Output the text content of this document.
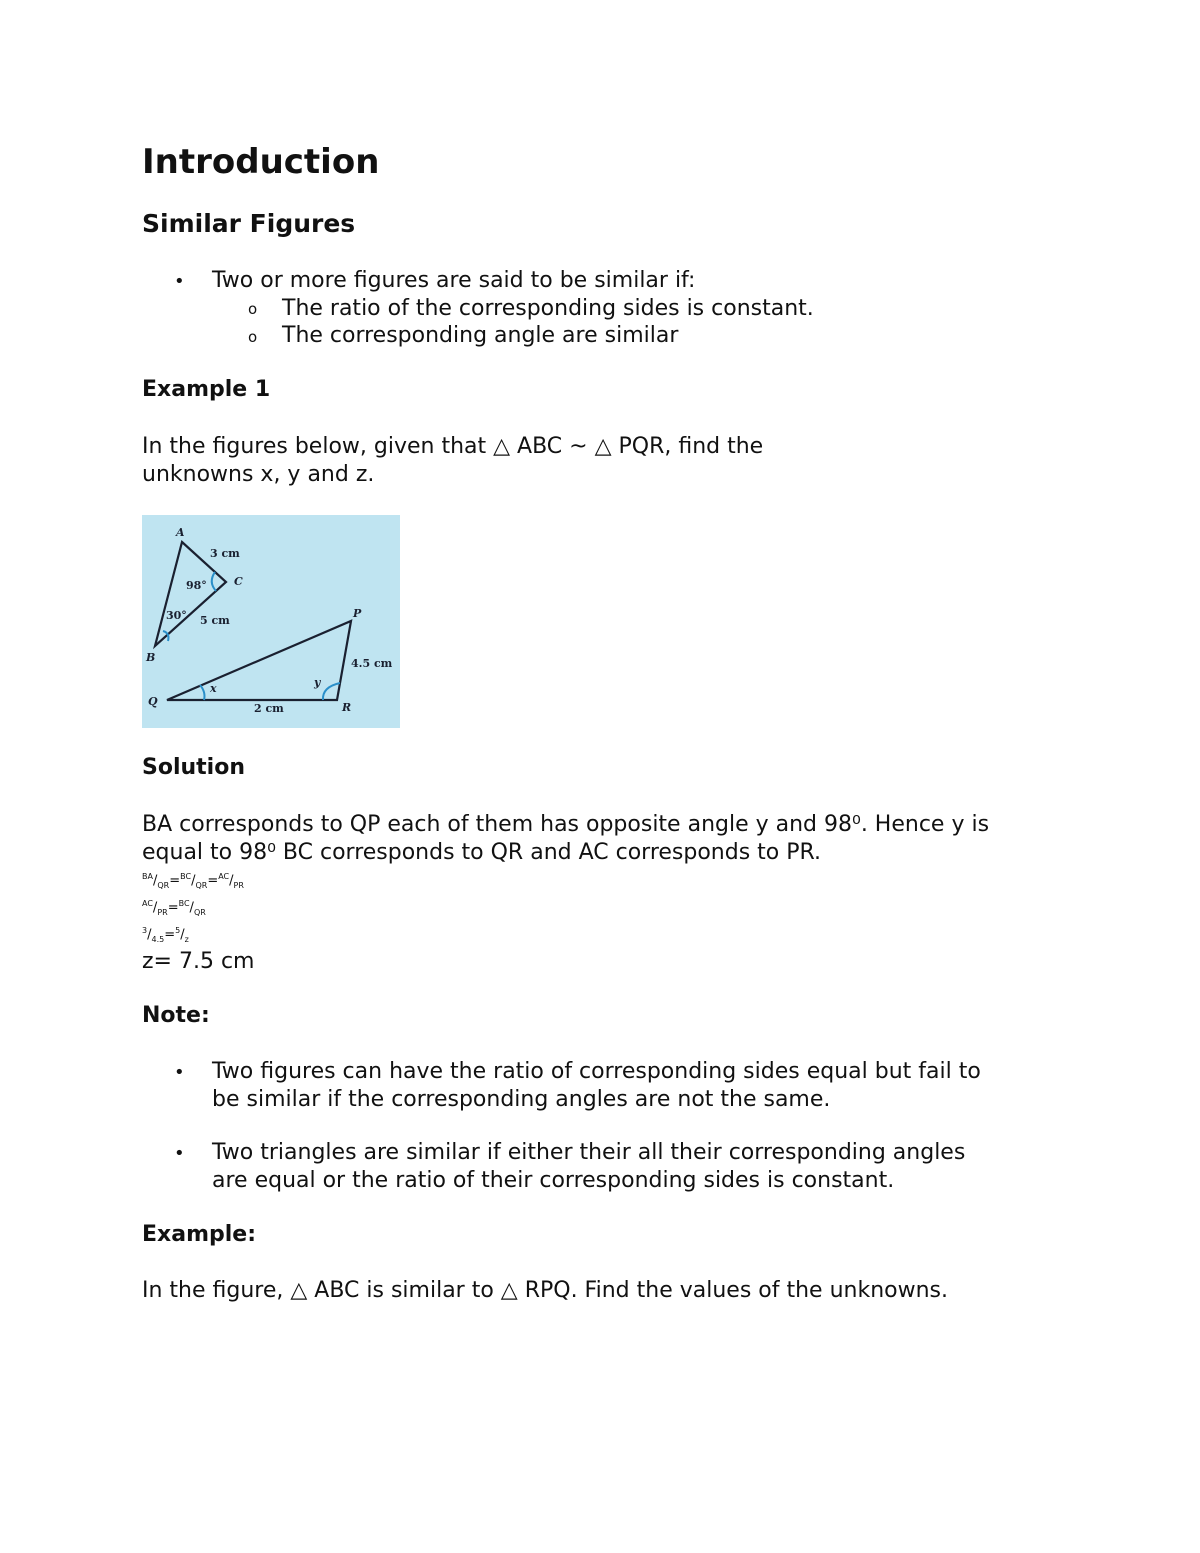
Introduction
Similar Figures
• Two or more figures are said to be similar if:

o The ratio of the corresponding sides is constant.

o The corresponding angle are similar

Example 1

In the figures below, given that △ ABC ~ △ PQR, find the

unknowns x, y and z.

A
C
B
P
Q	R
3 cm
5 cm
4.5 cm
2 cm
98°
30°
x	y

Solution

BA corresponds to QP each of them has opposite angle y and 98⁰. Hence y is

equal to 98⁰ BC corresponds to QR and AC corresponds to PR.

$^{BA}/_{QR}=^{BC}/_{QR}=^{AC}/_{PR}$

$^{AC}/_{PR}=^{BC}/_{QR}$

$^3/_{4.5}=^5/_z$

z= 7.5 cm

Note:

• Two figures can have the ratio of corresponding sides equal but fail to

be similar if the corresponding angles are not the same.

• Two triangles are similar if either their all their corresponding angles

are equal or the ratio of their corresponding sides is constant.

Example:

In the figure, △ ABC is similar to △ RPQ. Find the values of the unknowns.
